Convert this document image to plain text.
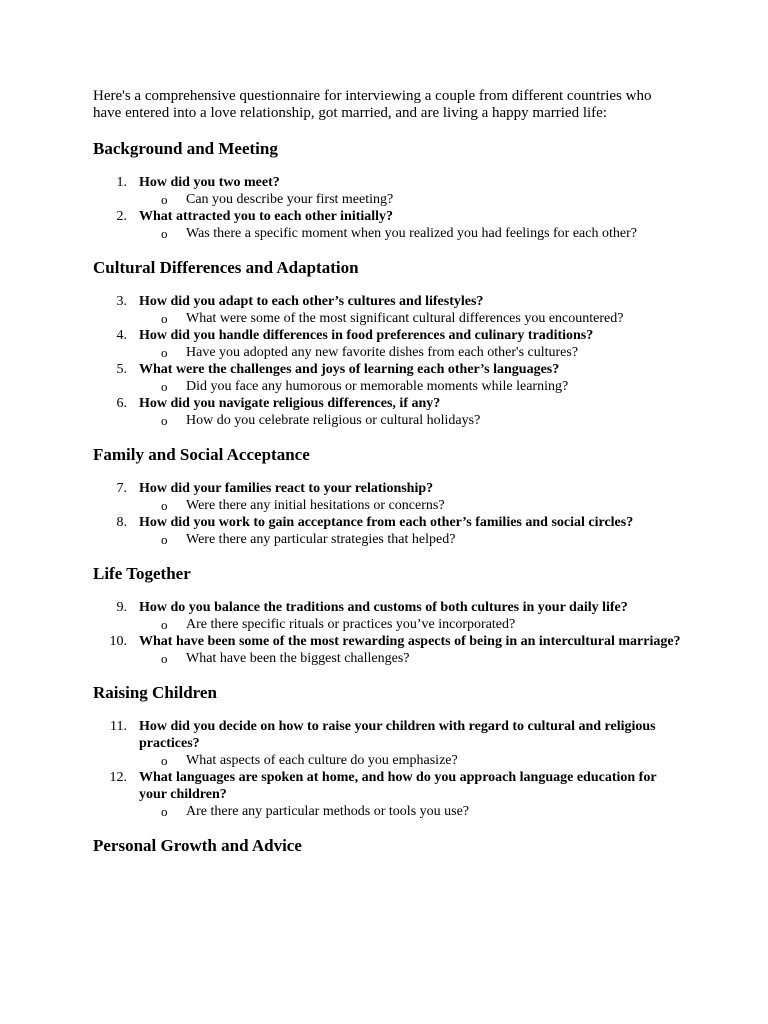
Here's a comprehensive questionnaire for interviewing a couple from different countries who have entered into a love relationship, got married, and are living a happy married life:

Background and Meeting
1. How did you two meet?
o Can you describe your first meeting?
2. What attracted you to each other initially?
o Was there a specific moment when you realized you had feelings for each other?
Cultural Differences and Adaptation
3. How did you adapt to each other’s cultures and lifestyles?
o What were some of the most significant cultural differences you encountered?
4. How did you handle differences in food preferences and culinary traditions?
o Have you adopted any new favorite dishes from each other's cultures?
5. What were the challenges and joys of learning each other’s languages?
o Did you face any humorous or memorable moments while learning?
6. How did you navigate religious differences, if any?
o How do you celebrate religious or cultural holidays?
Family and Social Acceptance
7. How did your families react to your relationship?
o Were there any initial hesitations or concerns?
8. How did you work to gain acceptance from each other’s families and social circles?
o Were there any particular strategies that helped?
Life Together
9. How do you balance the traditions and customs of both cultures in your daily life?
o Are there specific rituals or practices you’ve incorporated?
10. What have been some of the most rewarding aspects of being in an intercultural marriage?
o What have been the biggest challenges?
Raising Children
11. How did you decide on how to raise your children with regard to cultural and religious practices?
o What aspects of each culture do you emphasize?
12. What languages are spoken at home, and how do you approach language education for your children?
o Are there any particular methods or tools you use?
Personal Growth and Advice
